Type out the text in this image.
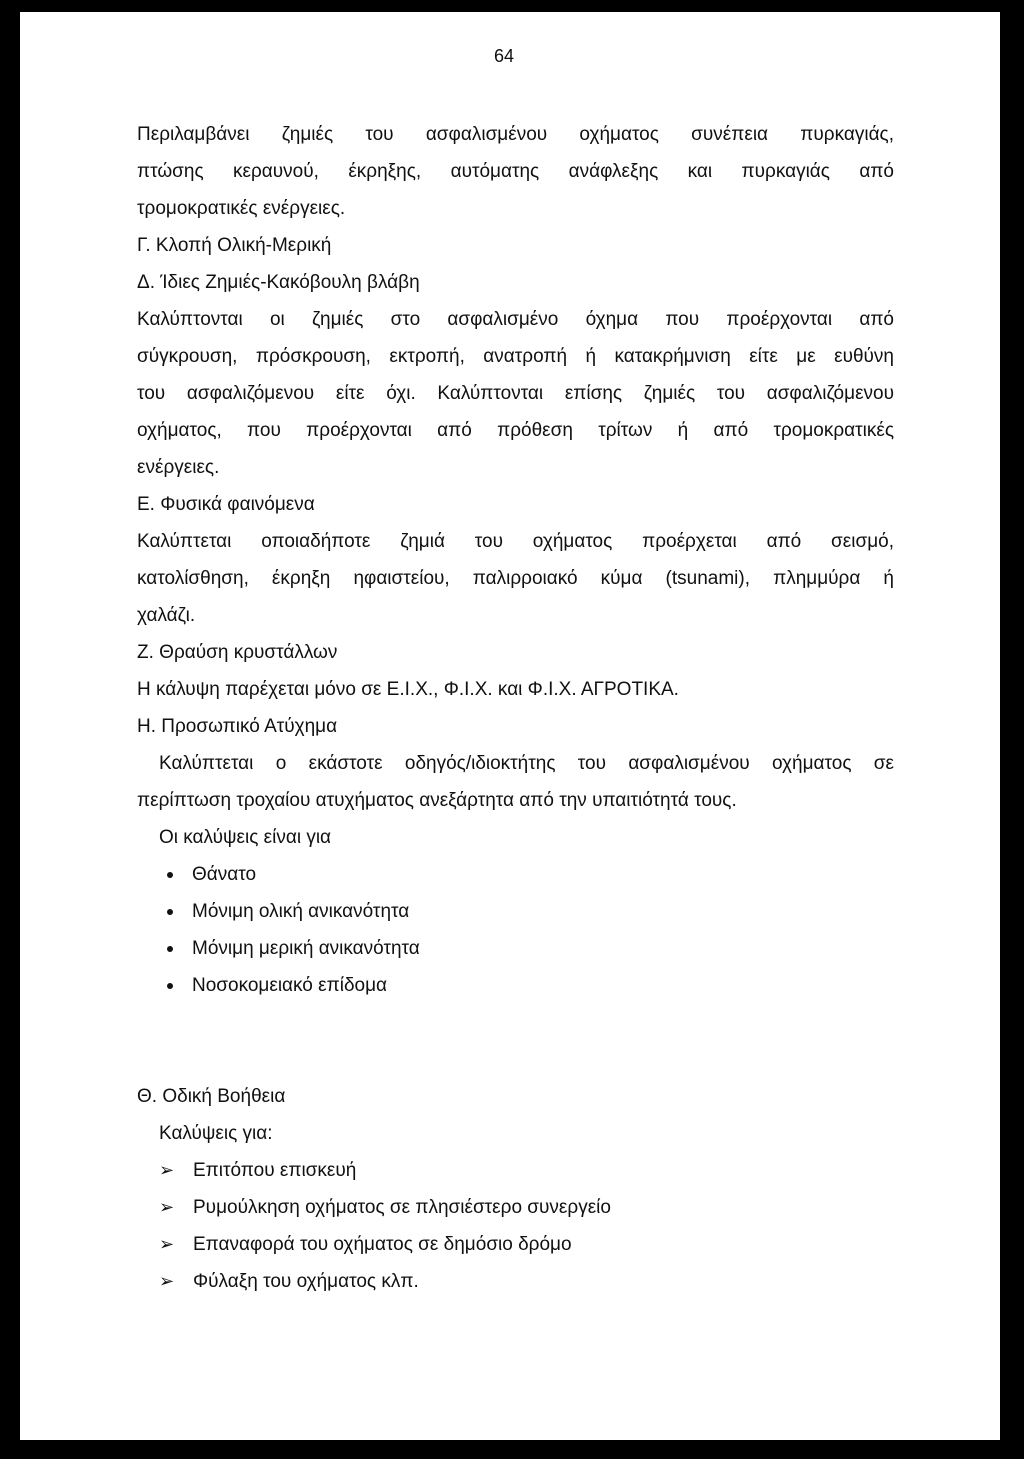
64

Περιλαμβάνει ζημιές του ασφαλισμένου οχήματος συνέπεια πυρκαγιάς,

πτώσης κεραυνού, έκρηξης, αυτόματης ανάφλεξης και πυρκαγιάς από

τρομοκρατικές ενέργειες.

Γ. Κλοπή Ολική-Μερική

Δ. Ίδιες Ζημιές-Κακόβουλη βλάβη

Καλύπτονται οι ζημιές στο ασφαλισμένο όχημα που προέρχονται από

σύγκρουση, πρόσκρουση, εκτροπή, ανατροπή ή κατακρήμνιση είτε με ευθύνη

του ασφαλιζόμενου είτε όχι. Καλύπτονται επίσης ζημιές του ασφαλιζόμενου

οχήματος, που προέρχονται από πρόθεση τρίτων ή από τρομοκρατικές

ενέργειες.

Ε. Φυσικά φαινόμενα

Καλύπτεται οποιαδήποτε ζημιά του οχήματος προέρχεται από σεισμό,

κατολίσθηση, έκρηξη ηφαιστείου, παλιρροιακό κύμα (tsunami), πλημμύρα ή

χαλάζι.

Ζ. Θραύση κρυστάλλων

Η κάλυψη παρέχεται μόνο σε Ε.Ι.Χ., Φ.Ι.Χ. και Φ.Ι.Χ. ΑΓΡΟΤΙΚΑ.

Η. Προσωπικό Ατύχημα

Καλύπτεται ο εκάστοτε οδηγός/ιδιοκτήτης του ασφαλισμένου οχήματος σε

περίπτωση τροχαίου ατυχήματος ανεξάρτητα από την υπαιτιότητά τους.

Οι καλύψεις είναι για

Θάνατο
Μόνιμη ολική ανικανότητα
Μόνιμη μερική ανικανότητα
Νοσοκομειακό επίδομα

Θ. Οδική Βοήθεια

Καλύψεις για:

➢ Επιτόπου επισκευή
➢ Ρυμούλκηση οχήματος σε πλησιέστερο συνεργείο
➢ Επαναφορά του οχήματος σε δημόσιο δρόμο
➢ Φύλαξη του οχήματος κλπ.
